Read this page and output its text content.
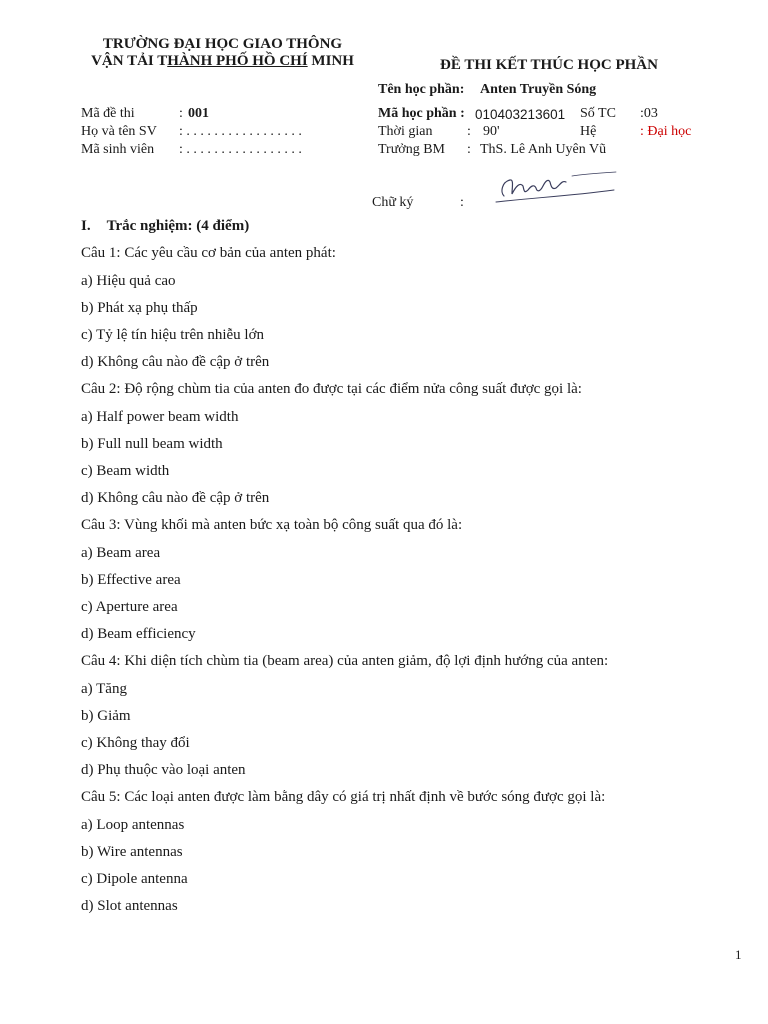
TRƯỜNG ĐẠI HỌC GIAO THÔNG
VẬN TẢI THÀNH PHỐ HỒ CHÍ MINH	ĐỀ THI KẾT THÚC HỌC PHẦN
Tên học phần: Anten Truyền Sóng
Mã đề thi	: 001	Mã học phần : 010403213601 Số TC :03
Họ và tên SV : . . . . . . . . . . . . . . . . .	Thời gian : 90'	Hệ	: Đại học
Mã sinh viên : . . . . . . . . . . . . . . . . .	Trưởng BM : ThS. Lê Anh Uyên Vũ
Chữ ký	:
I. Trắc nghiệm: (4 điểm)
Câu 1: Các yêu cầu cơ bản của anten phát:
a) Hiệu quả cao
b) Phát xạ phụ thấp
c) Tỷ lệ tín hiệu trên nhiễu lớn
d) Không câu nào đề cập ở trên
Câu 2: Độ rộng chùm tia của anten đo được tại các điểm nửa công suất được gọi là:
a) Half power beam width
b) Full null beam width
c) Beam width
d) Không câu nào đề cập ở trên
Câu 3: Vùng khối mà anten bức xạ toàn bộ công suất qua đó là:
a) Beam area
b) Effective area
c) Aperture area
d) Beam efficiency
Câu 4: Khi diện tích chùm tia (beam area) của anten giảm, độ lợi định hướng của anten:
a) Tăng
b) Giảm
c) Không thay đổi
d) Phụ thuộc vào loại anten
Câu 5: Các loại anten được làm bằng dây có giá trị nhất định về bước sóng được gọi là:
a) Loop antennas
b) Wire antennas
c) Dipole antenna
d) Slot antennas
1
